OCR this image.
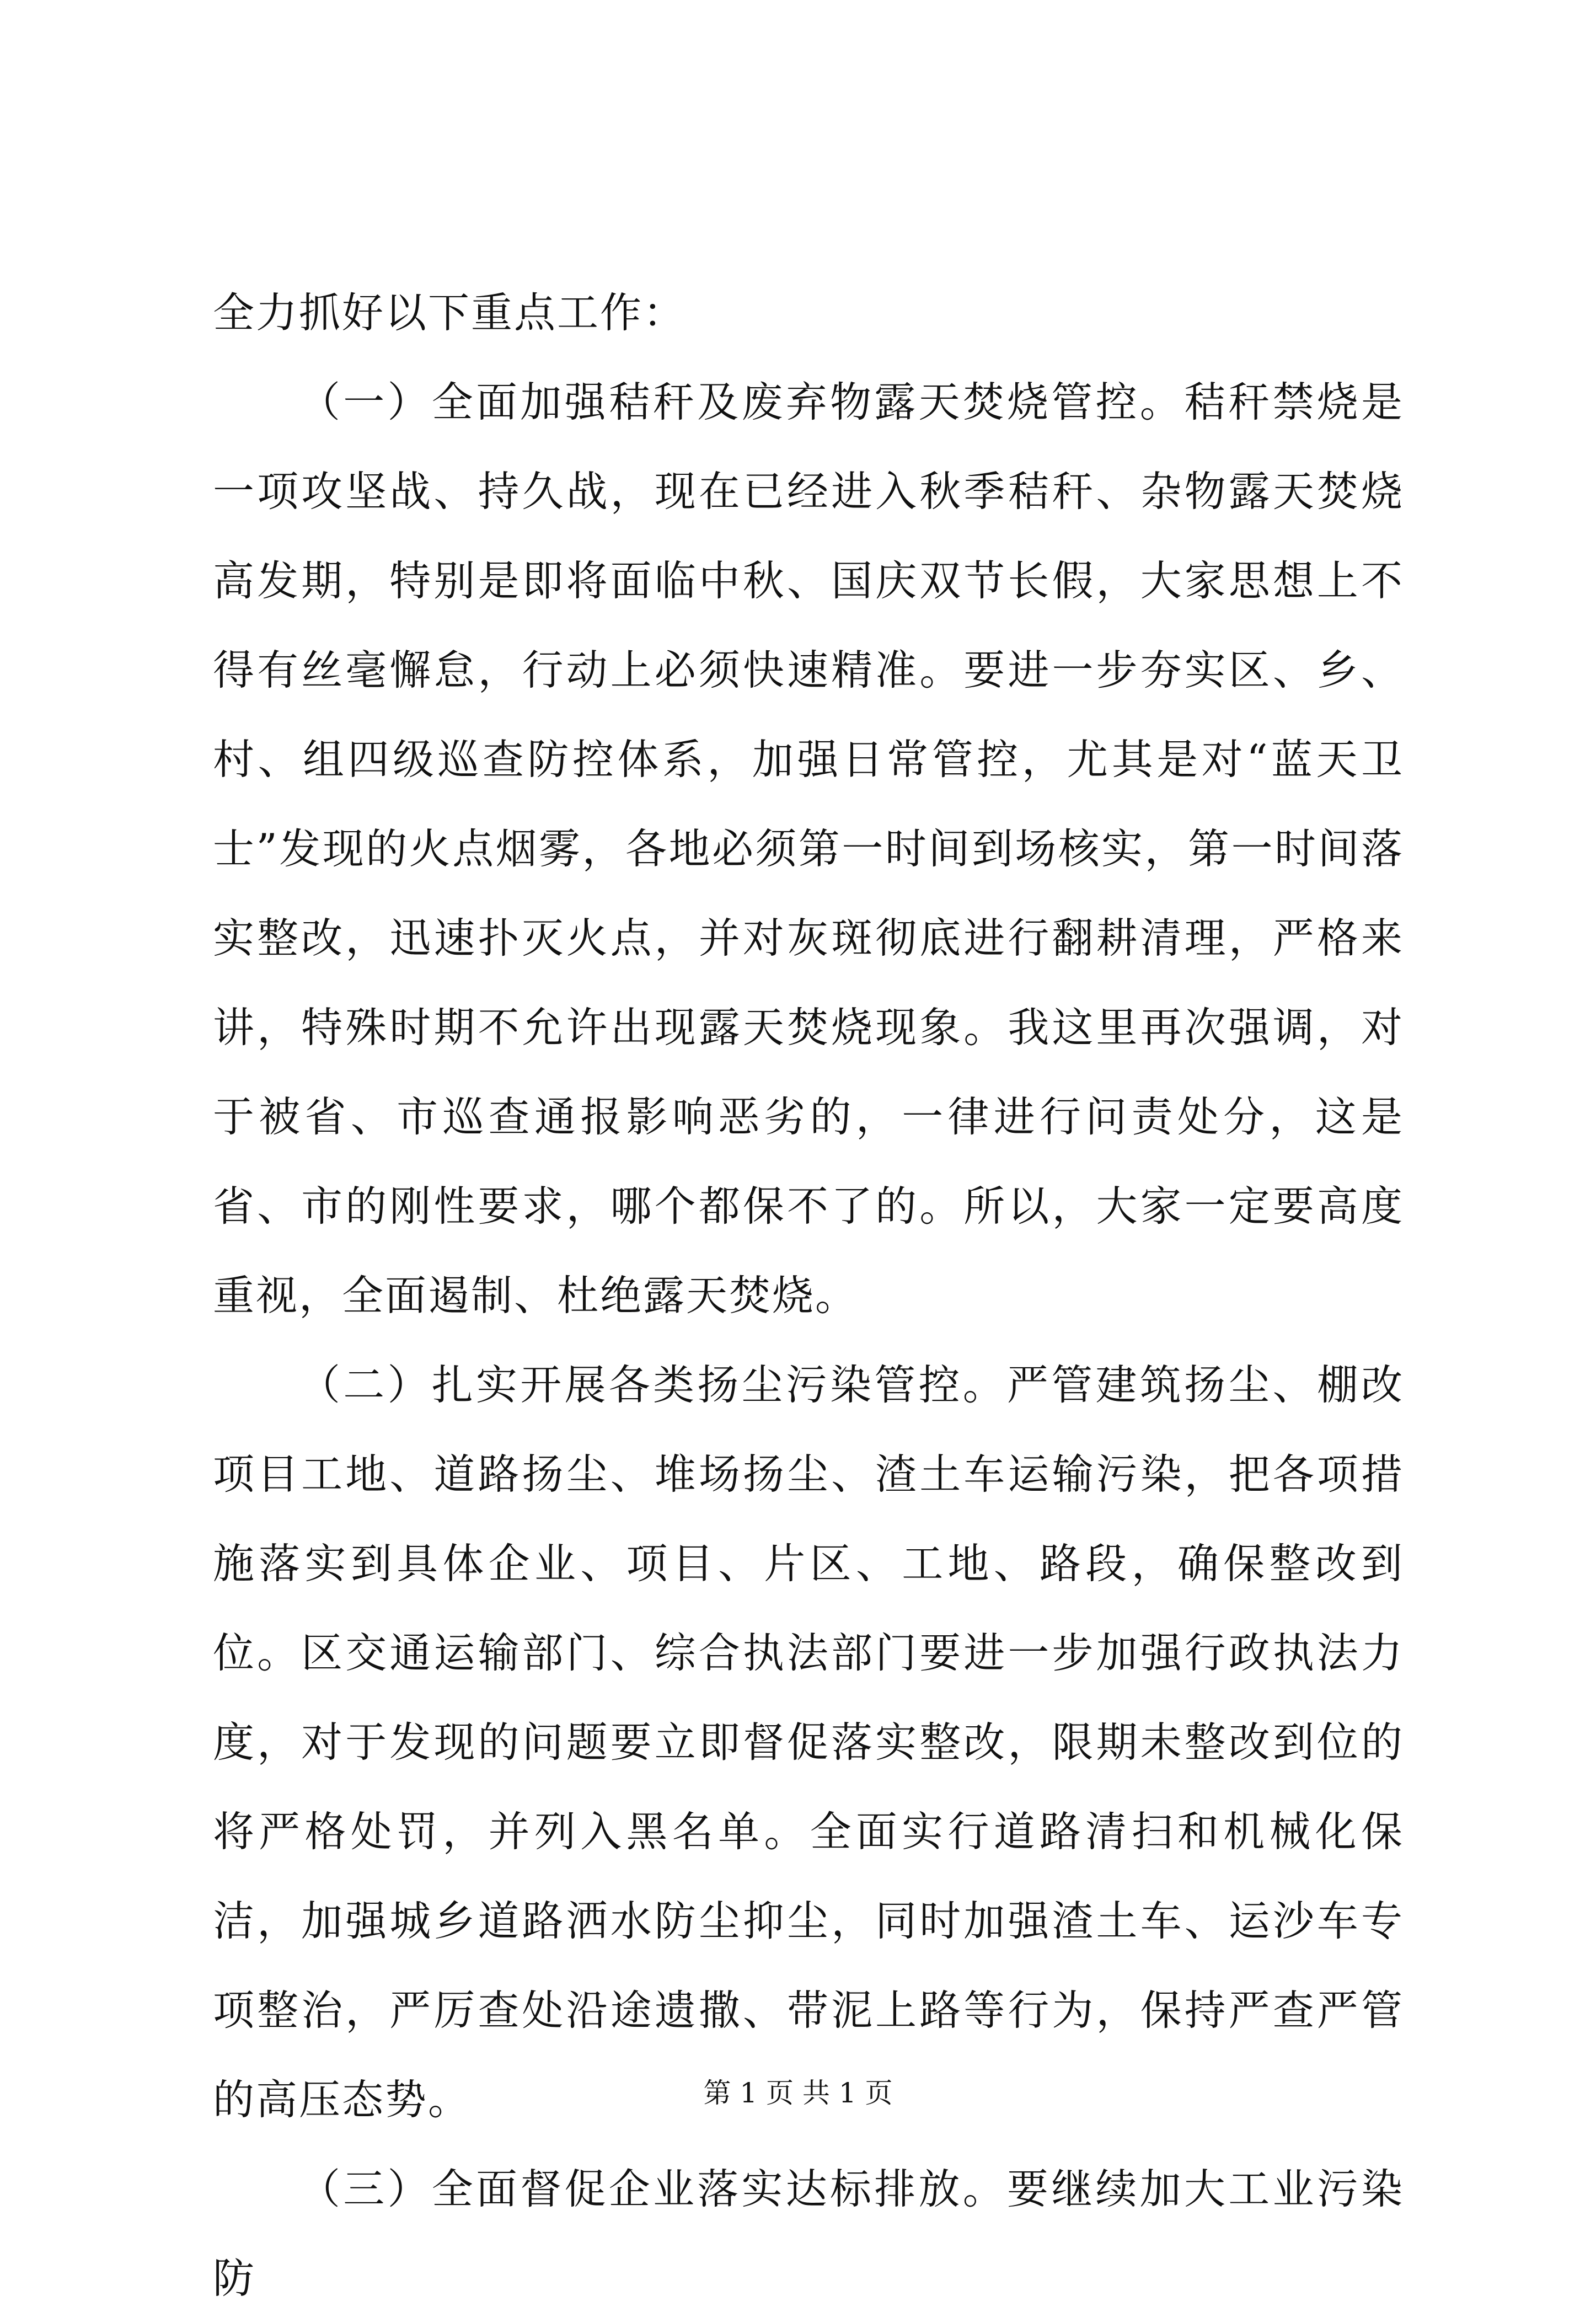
全力抓好以下重点工作：

（一）全面加强秸秆及废弃物露天焚烧管控。秸秆禁烧是一项攻坚战、持久战，现在已经进入秋季秸秆、杂物露天焚烧高发期，特别是即将面临中秋、国庆双节长假，大家思想上不得有丝毫懈怠，行动上必须快速精准。要进一步夯实区、乡、村、组四级巡查防控体系，加强日常管控，尤其是对“蓝天卫士”发现的火点烟雾，各地必须第一时间到场核实，第一时间落实整改，迅速扑灭火点，并对灰斑彻底进行翻耕清理，严格来讲，特殊时期不允许出现露天焚烧现象。我这里再次强调，对于被省、市巡查通报影响恶劣的，一律进行问责处分，这是省、市的刚性要求，哪个都保不了的。所以，大家一定要高度重视，全面遏制、杜绝露天焚烧。

（二）扎实开展各类扬尘污染管控。严管建筑扬尘、棚改项目工地、道路扬尘、堆场扬尘、渣土车运输污染，把各项措施落实到具体企业、项目、片区、工地、路段，确保整改到位。区交通运输部门、综合执法部门要进一步加强行政执法力度，对于发现的问题要立即督促落实整改，限期未整改到位的将严格处罚，并列入黑名单。全面实行道路清扫和机械化保洁，加强城乡道路洒水防尘抑尘，同时加强渣土车、运沙车专项整治，严厉查处沿途遗撒、带泥上路等行为，保持严查严管的高压态势。

（三）全面督促企业落实达标排放。要继续加大工业污染防

第 1 页 共 1 页
